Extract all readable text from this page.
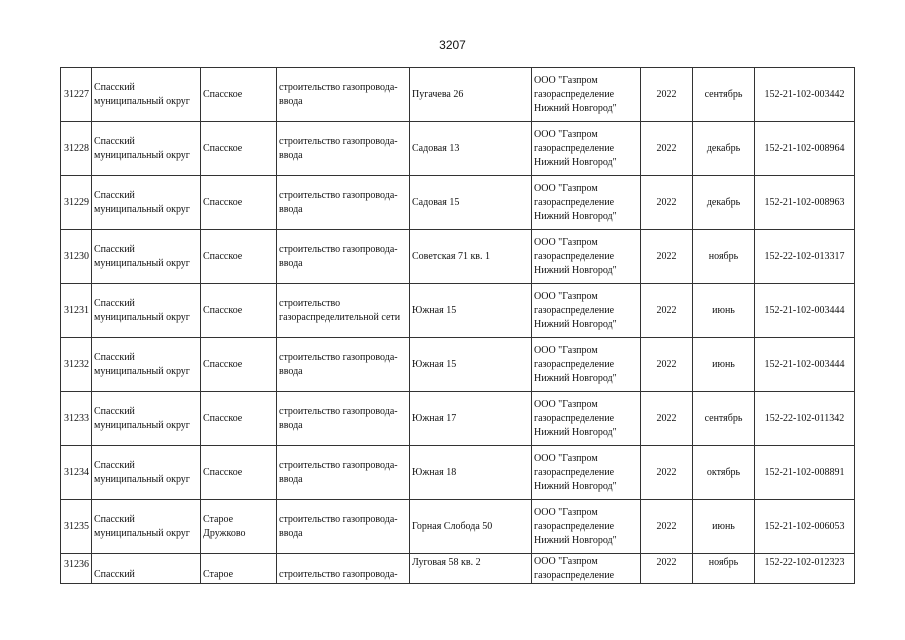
3207
31227	Спасский муниципальный округ	Спасское	строительство газопровода-ввода	Пугачева 26	ООО "Газпром газораспределение Нижний Новгород"	2022	сентябрь	152-21-102-003442
31228	Спасский муниципальный округ	Спасское	строительство газопровода-ввода	Садовая 13	ООО "Газпром газораспределение Нижний Новгород"	2022	декабрь	152-21-102-008964
31229	Спасский муниципальный округ	Спасское	строительство газопровода-ввода	Садовая 15	ООО "Газпром газораспределение Нижний Новгород"	2022	декабрь	152-21-102-008963
31230	Спасский муниципальный округ	Спасское	строительство газопровода-ввода	Советская 71 кв. 1	ООО "Газпром газораспределение Нижний Новгород"	2022	ноябрь	152-22-102-013317
31231	Спасский муниципальный округ	Спасское	строительство газораспределительной сети	Южная 15	ООО "Газпром газораспределение Нижний Новгород"	2022	июнь	152-21-102-003444
31232	Спасский муниципальный округ	Спасское	строительство газопровода-ввода	Южная 15	ООО "Газпром газораспределение Нижний Новгород"	2022	июнь	152-21-102-003444
31233	Спасский муниципальный округ	Спасское	строительство газопровода-ввода	Южная 17	ООО "Газпром газораспределение Нижний Новгород"	2022	сентябрь	152-22-102-011342
31234	Спасский муниципальный округ	Спасское	строительство газопровода-ввода	Южная 18	ООО "Газпром газораспределение Нижний Новгород"	2022	октябрь	152-21-102-008891
31235	Спасский муниципальный округ	Старое Дружково	строительство газопровода-ввода	Горная Слобода 50	ООО "Газпром газораспределение Нижний Новгород"	2022	июнь	152-21-102-006053
31236	Спасский	Старое	строительство газопровода-	Луговая 58 кв. 2	ООО "Газпром газораспределение	2022	ноябрь	152-22-102-012323
